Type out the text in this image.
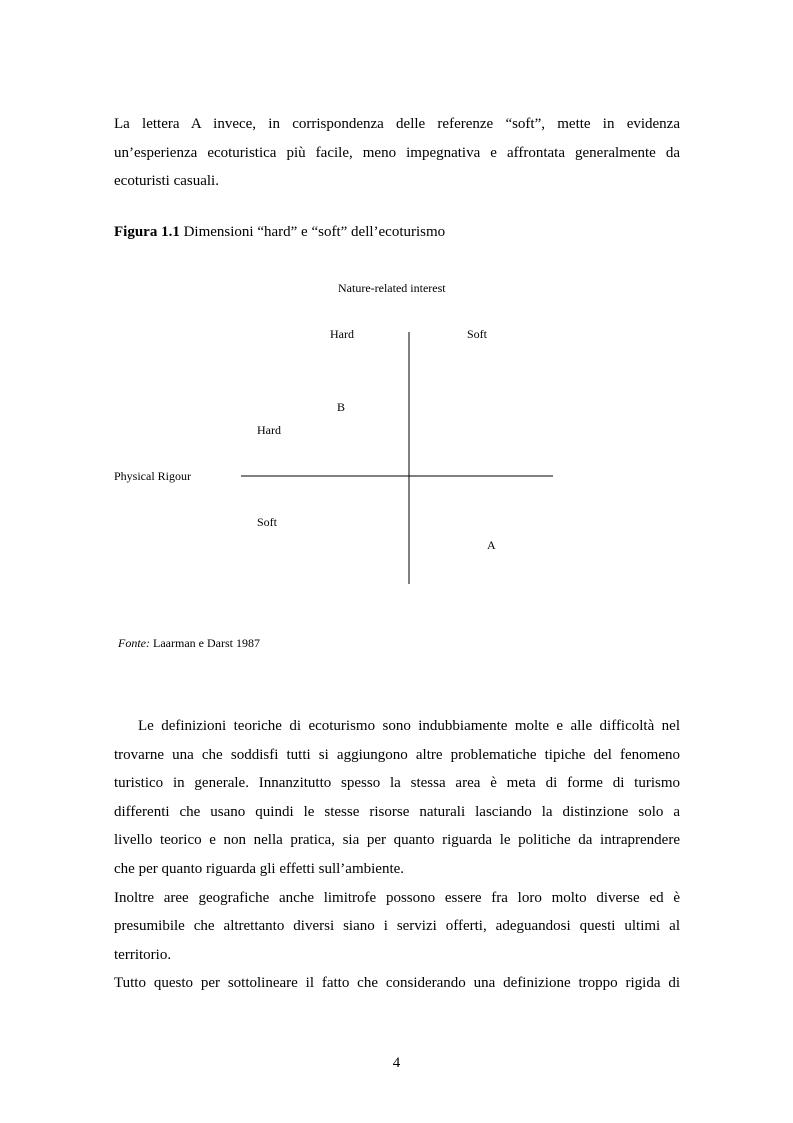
La lettera A invece, in corrispondenza delle referenze “soft”, mette in evidenza
un’esperienza ecoturistica più facile, meno impegnativa e affrontata generalmente da
ecoturisti casuali.

Figura 1.1 Dimensioni “hard” e “soft” dell’ecoturismo

Nature-related interest
Hard	Soft
B
Hard
Physical Rigour
Soft
A
Fonte: Laarman e Darst 1987
Le definizioni teoriche di ecoturismo sono indubbiamente molte e alle difficoltà nel
trovarne una che soddisfi tutti si aggiungono altre problematiche tipiche del fenomeno
turistico in generale. Innanzitutto spesso la stessa area è meta di forme di turismo
differenti che usano quindi le stesse risorse naturali lasciando la distinzione solo a
livello teorico e non nella pratica, sia per quanto riguarda le politiche da intraprendere
che per quanto riguarda gli effetti sull’ambiente.
Inoltre aree geografiche anche limitrofe possono essere fra loro molto diverse ed è
presumibile che altrettanto diversi siano i servizi offerti, adeguandosi questi ultimi al
territorio.
Tutto questo per sottolineare il fatto che considerando una definizione troppo rigida di
4
